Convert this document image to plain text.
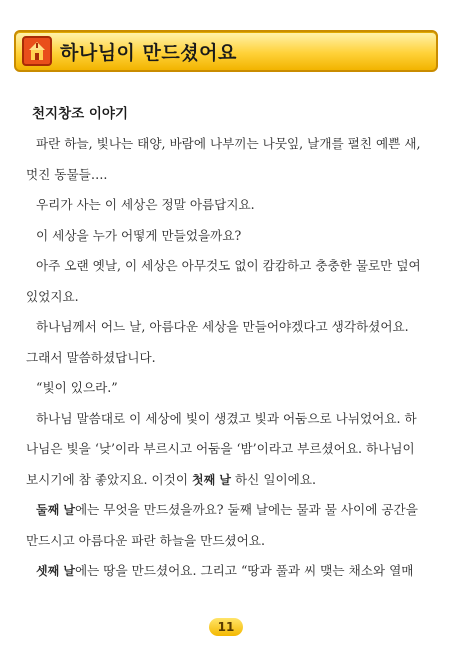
하나님이 만드셨어요
천지창조 이야기

파란 하늘, 빛나는 태양, 바람에 나부끼는 나뭇잎, 날개를 펼친 예쁜 새, 멋진 동물들….

우리가 사는 이 세상은 정말 아름답지요.

이 세상을 누가 어떻게 만들었을까요?

아주 오랜 옛날, 이 세상은 아무것도 없이 캄캄하고 충충한 물로만 덮여 있었지요.

하나님께서 어느 날, 아름다운 세상을 만들어야겠다고 생각하셨어요.

그래서 말씀하셨답니다.

“빛이 있으라.”

하나님 말씀대로 이 세상에 빛이 생겼고 빛과 어둠으로 나뉘었어요. 하나님은 빛을 ‘낮’이라 부르시고 어둠을 ‘밤’이라고 부르셨어요. 하나님이 보시기에 참 좋았지요. 이것이 첫째 날 하신 일이에요.

둘째 날에는 무엇을 만드셨을까요? 둘째 날에는 물과 물 사이에 공간을 만드시고 아름다운 파란 하늘을 만드셨어요.

셋째 날에는 땅을 만드셨어요. 그리고 “땅과 풀과 씨 맺는 채소와 열매

11
